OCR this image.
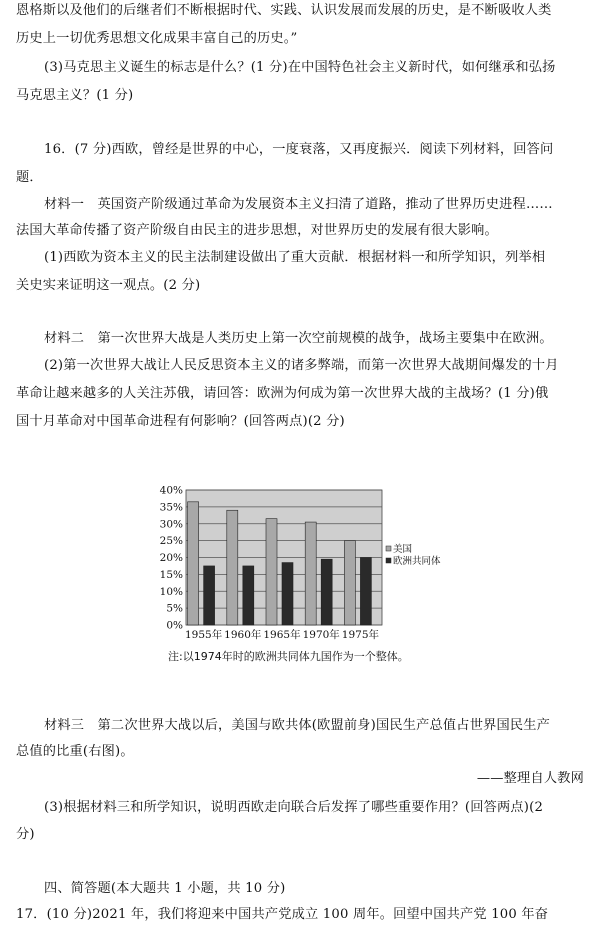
恩格斯以及他们的后继者们不断根据时代、实践、认识发展而发展的历史，是不断吸收人类
历史上一切优秀思想文化成果丰富自己的历史。”
(3)马克思主义诞生的标志是什么？(1 分)在中国特色社会主义新时代，如何继承和弘扬
马克思主义？(1 分)
16．(7 分)西欧，曾经是世界的中心，一度衰落，又再度振兴．阅读下列材料，回答问
题．
材料一　英国资产阶级通过革命为发展资本主义扫清了道路，推动了世界历史进程……
法国大革命传播了资产阶级自由民主的进步思想，对世界历史的发展有很大影响。
(1)西欧为资本主义的民主法制建设做出了重大贡献．根据材料一和所学知识，列举相
关史实来证明这一观点。(2 分)
材料二　第一次世界大战是人类历史上第一次空前规模的战争，战场主要集中在欧洲。
(2)第一次世界大战让人民反思资本主义的诸多弊端，而第一次世界大战期间爆发的十月
革命让越来越多的人关注苏俄，请回答：欧洲为何成为第一次世界大战的主战场？(1 分)俄
国十月革命对中国革命进程有何影响？(回答两点)(2 分)
0%
5%
10%
15%
20%
25%
30%
35%
40%
1955年 1960年 1965年 1970年 1975年
美国
欧洲共同体
注:以1974年时的欧洲共同体九国作为一个整体。
材料三　第二次世界大战以后，美国与欧共体(欧盟前身)国民生产总值占世界国民生产
总值的比重(右图)。
——整理自人教网
(3)根据材料三和所学知识，说明西欧走向联合后发挥了哪些重要作用？(回答两点)(2
分)
四、简答题(本大题共 1 小题，共 10 分)
17．(10 分)2021 年，我们将迎来中国共产党成立 100 周年。回望中国共产党 100 年奋
